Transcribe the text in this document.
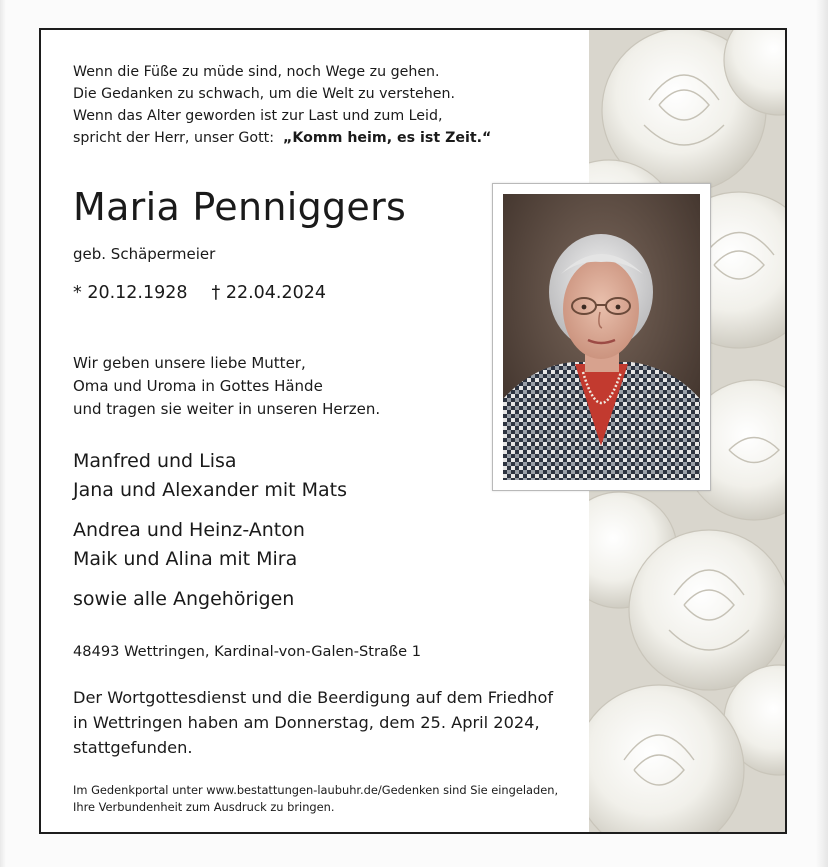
Wenn die Füße zu müde sind, noch Wege zu gehen.
Die Gedanken zu schwach, um die Welt zu verstehen.
Wenn das Alter geworden ist zur Last und zum Leid,
spricht der Herr, unser Gott: „Komm heim, es ist Zeit.“
Maria Penniggers
geb. Schäpermeier
* 20.12.1928 † 22.04.2024
Wir geben unsere liebe Mutter,
Oma und Uroma in Gottes Hände
und tragen sie weiter in unseren Herzen.
Manfred und Lisa
Jana und Alexander mit Mats
Andrea und Heinz-Anton
Maik und Alina mit Mira
sowie alle Angehörigen
48493 Wettringen, Kardinal-von-Galen-Straße 1
Der Wortgottesdienst und die Beerdigung auf dem Friedhof
in Wettringen haben am Donnerstag, dem 25. April 2024,
stattgefunden.
Im Gedenkportal unter www.bestattungen-laubuhr.de/Gedenken sind Sie eingeladen,
Ihre Verbundenheit zum Ausdruck zu bringen.
